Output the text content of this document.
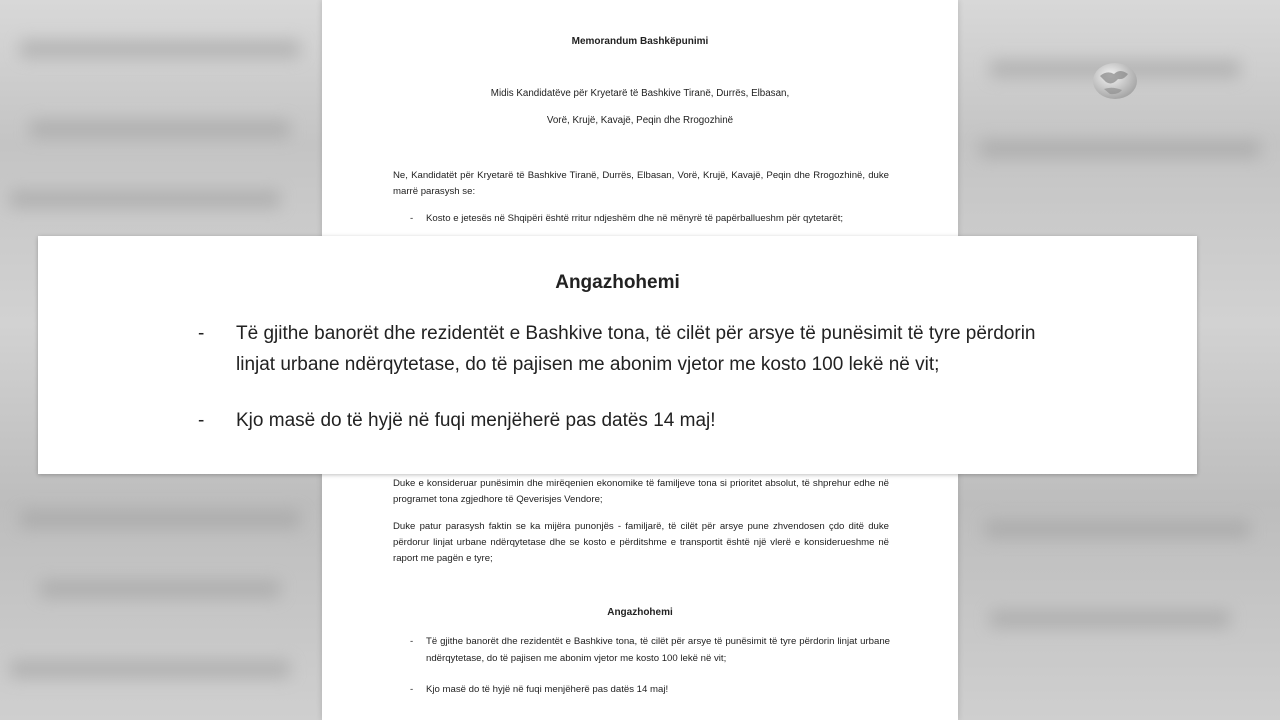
Memorandum Bashkëpunimi
Midis Kandidatëve për Kryetarë të Bashkive Tiranë, Durrës, Elbasan,
Vorë, Krujë, Kavajë, Peqin dhe Rrogozhinë
Ne, Kandidatët për Kryetarë të Bashkive Tiranë, Durrës, Elbasan, Vorë, Krujë, Kavajë, Peqin dhe Rrogozhinë, duke marrë parasysh se:
- Kosto e jetesës në Shqipëri është rritur ndjeshëm dhe në mënyrë të papërballueshm për qytetarët;
Duke e konsideruar punësimin dhe mirëqenien ekonomike të familjeve tona si prioritet absolut, të shprehur edhe në programet tona zgjedhore të Qeverisjes Vendore;
Duke patur parasysh faktin se ka mijëra punonjës - familjarë, të cilët për arsye pune zhvendosen çdo ditë duke përdorur linjat urbane ndërqytetase dhe se kosto e përditshme e transportit është një vlerë e konsiderueshme në raport me pagën e tyre;
Angazhohemi
- Të gjithe banorët dhe rezidentët e Bashkive tona, të cilët për arsye të punësimit të tyre përdorin linjat urbane ndërqytetase, do të pajisen me abonim vjetor me kosto 100 lekë në vit;
- Kjo masë do të hyjë në fuqi menjëherë pas datës 14 maj!
Angazhohemi
- Të gjithe banorët dhe rezidentët e Bashkive tona, të cilët për arsye të punësimit të tyre përdorin
linjat urbane ndërqytetase, do të pajisen me abonim vjetor me kosto 100 lekë në vit;
- Kjo masë do të hyjë në fuqi menjëherë pas datës 14 maj!
